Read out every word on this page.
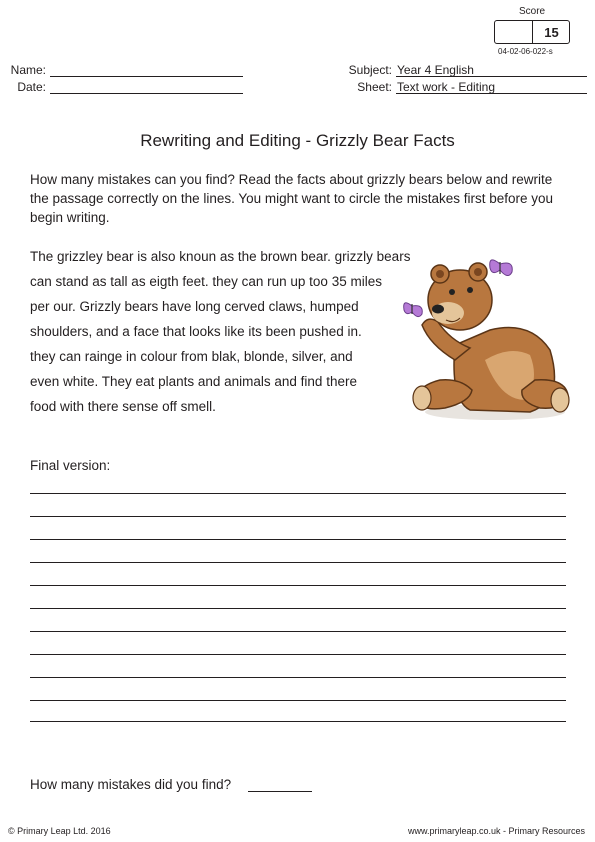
Score
15
04-02-06-022-s
Name:
Date:
Subject: Year 4 English
Sheet: Text work - Editing
Rewriting and Editing - Grizzly Bear Facts
How many mistakes can you find? Read the facts about grizzly bears below and rewrite the passage correctly on the lines. You might want to circle the mistakes first before you begin writing.
The grizzley bear is also knoun as the brown bear. grizzly bears
can stand as tall as eigth feet. they can run up too 35 miles
per our. Grizzly bears have long cerved claws, humped
shoulders, and a face that looks like its been pushed in.
they can rainge in colour from blak, blonde, silver, and
even white. They eat plants and animals and find there
food with there sense off smell.
Final version:
How many mistakes did you find?
© Primary Leap Ltd. 2016	www.primaryleap.co.uk - Primary Resources
